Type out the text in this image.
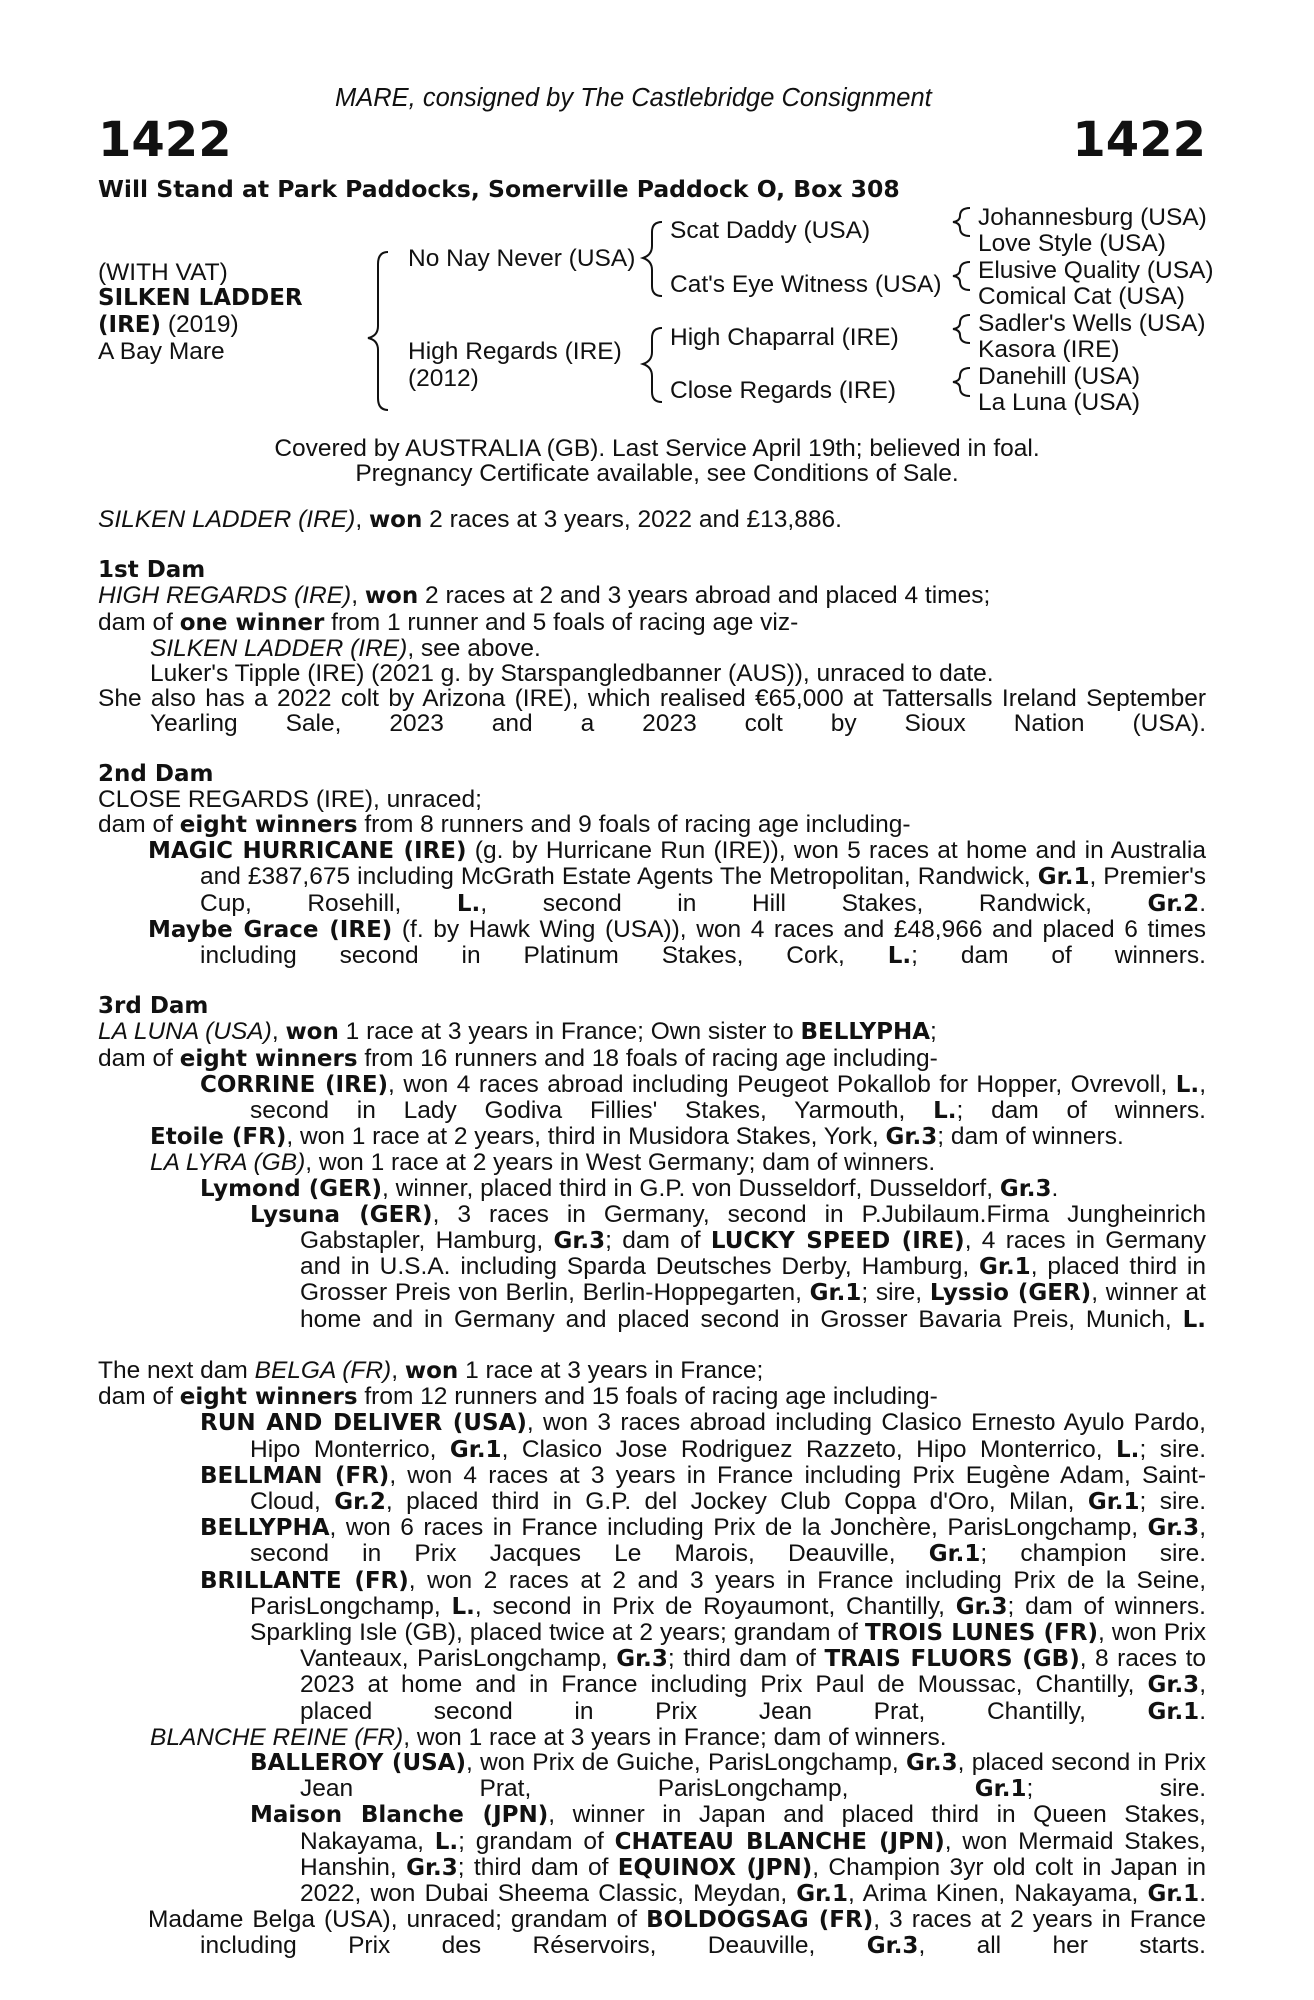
MARE, consigned by The Castlebridge Consignment
1422	1422
Will Stand at Park Paddocks, Somerville Paddock O, Box 308
(WITH VAT)
SILKEN LADDER
(IRE) (2019)
A Bay Mare
No Nay Never (USA)
High Regards (IRE)
(2012)
Scat Daddy (USA)
Cat's Eye Witness (USA)
High Chaparral (IRE)
Close Regards (IRE)
Johannesburg (USA)
Love Style (USA)
Elusive Quality (USA)
Comical Cat (USA)
Sadler's Wells (USA)
Kasora (IRE)
Danehill (USA)
La Luna (USA)
Covered by AUSTRALIA (GB). Last Service April 19th; believed in foal.
Pregnancy Certificate available, see Conditions of Sale.
SILKEN LADDER (IRE), won 2 races at 3 years, 2022 and £13,886.
1st Dam
HIGH REGARDS (IRE), won 2 races at 2 and 3 years abroad and placed 4 times;
dam of one winner from 1 runner and 5 foals of racing age viz-
SILKEN LADDER (IRE), see above.
Luker's Tipple (IRE) (2021 g. by Starspangledbanner (AUS)), unraced to date.
She also has a 2022 colt by Arizona (IRE), which realised €65,000 at Tattersalls Ireland September Yearling Sale, 2023 and a 2023 colt by Sioux Nation (USA).
2nd Dam
CLOSE REGARDS (IRE), unraced;
dam of eight winners from 8 runners and 9 foals of racing age including-
MAGIC HURRICANE (IRE) (g. by Hurricane Run (IRE)), won 5 races at home and in Australia and £387,675 including McGrath Estate Agents The Metropolitan, Randwick, Gr.1, Premier's Cup, Rosehill, L., second in Hill Stakes, Randwick, Gr.2.
Maybe Grace (IRE) (f. by Hawk Wing (USA)), won 4 races and £48,966 and placed 6 times including second in Platinum Stakes, Cork, L.; dam of winners.
3rd Dam
LA LUNA (USA), won 1 race at 3 years in France; Own sister to BELLYPHA;
dam of eight winners from 16 runners and 18 foals of racing age including-
CORRINE (IRE), won 4 races abroad including Peugeot Pokallob for Hopper, Ovrevoll, L., second in Lady Godiva Fillies' Stakes, Yarmouth, L.; dam of winners.
Etoile (FR), won 1 race at 2 years, third in Musidora Stakes, York, Gr.3; dam of winners.
LA LYRA (GB), won 1 race at 2 years in West Germany; dam of winners.
Lymond (GER), winner, placed third in G.P. von Dusseldorf, Dusseldorf, Gr.3.
Lysuna (GER), 3 races in Germany, second in P.Jubilaum.Firma Jungheinrich Gabstapler, Hamburg, Gr.3; dam of LUCKY SPEED (IRE), 4 races in Germany and in U.S.A. including Sparda Deutsches Derby, Hamburg, Gr.1, placed third in Grosser Preis von Berlin, Berlin-Hoppegarten, Gr.1; sire, Lyssio (GER), winner at home and in Germany and placed second in Grosser Bavaria Preis, Munich, L.
The next dam BELGA (FR), won 1 race at 3 years in France;
dam of eight winners from 12 runners and 15 foals of racing age including-
RUN AND DELIVER (USA), won 3 races abroad including Clasico Ernesto Ayulo Pardo, Hipo Monterrico, Gr.1, Clasico Jose Rodriguez Razzeto, Hipo Monterrico, L.; sire.
BELLMAN (FR), won 4 races at 3 years in France including Prix Eugène Adam, Saint-Cloud, Gr.2, placed third in G.P. del Jockey Club Coppa d'Oro, Milan, Gr.1; sire.
BELLYPHA, won 6 races in France including Prix de la Jonchère, ParisLongchamp, Gr.3, second in Prix Jacques Le Marois, Deauville, Gr.1; champion sire.
BRILLANTE (FR), won 2 races at 2 and 3 years in France including Prix de la Seine, ParisLongchamp, L., second in Prix de Royaumont, Chantilly, Gr.3; dam of winners.
Sparkling Isle (GB), placed twice at 2 years; grandam of TROIS LUNES (FR), won Prix Vanteaux, ParisLongchamp, Gr.3; third dam of TRAIS FLUORS (GB), 8 races to 2023 at home and in France including Prix Paul de Moussac, Chantilly, Gr.3, placed second in Prix Jean Prat, Chantilly, Gr.1.
BLANCHE REINE (FR), won 1 race at 3 years in France; dam of winners.
BALLEROY (USA), won Prix de Guiche, ParisLongchamp, Gr.3, placed second in Prix Jean Prat, ParisLongchamp, Gr.1; sire.
Maison Blanche (JPN), winner in Japan and placed third in Queen Stakes, Nakayama, L.; grandam of CHATEAU BLANCHE (JPN), won Mermaid Stakes, Hanshin, Gr.3; third dam of EQUINOX (JPN), Champion 3yr old colt in Japan in 2022, won Dubai Sheema Classic, Meydan, Gr.1, Arima Kinen, Nakayama, Gr.1.
Madame Belga (USA), unraced; grandam of BOLDOGSAG (FR), 3 races at 2 years in France including Prix des Réservoirs, Deauville, Gr.3, all her starts.
